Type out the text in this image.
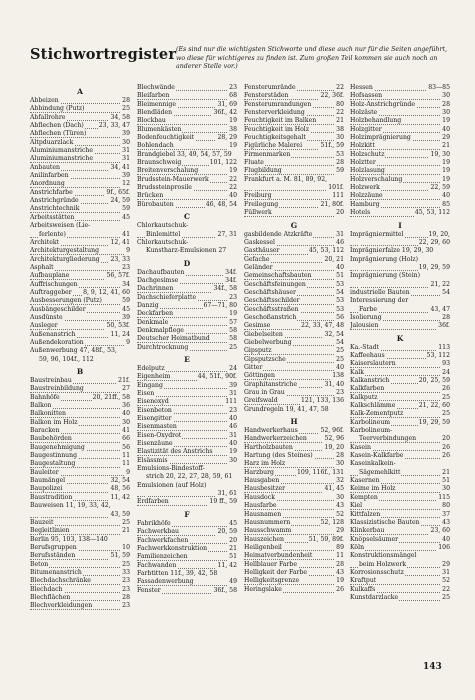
Stichwortregister (Es sind nur die wichtigsten Stichworte und diese auch nur für die Seiten angeführt, wo diese für wichtigeres zu finden ist. Zum großen Teil kommen sie auch noch an anderer Stelle vor.)
A
Abbeizen	28
Abbindung (Putz)	25
Abfallrohre	34, 58
Abflechen (Dach) 23, 33, 47
Abflechen (Türen)	39
Altpduarzlack	30
Aluminiumanstriche	31
Aluminiumanstriche	31
Anbauten	34, 41
Anilinfarben	39
Anordnung	12
Anstrichfarbe	9f., 65f.
Anstrichgründe	24, 59
Anstrichtechnik	59
Arbeitsstätten	45
Arbeitsweisen (Lie-
ferlente)	41
Architekt	12, 41
Architekturgestaltung	9
Architekturgliederung 23, 33
Asphalt	23
Aufbauplane	56, 57f.
Auffrischungen	34
Auftraggeber 8, 9, 12, 41, 60
Ausbesserungen (Putz)	59
Ausbängeschilder	45
Ausdünste	39
Ausleger	50, 53f.
Außenanstrich	11, 24
Außendekoration	9
Außenwerbung 47, 48f., 53,
59, 96, 104f., 112
B
Baustreinbau	21f.
Baustreinbildung	27
Bahnhöfe	20, 21ff., 58
Balkon	36
Balkonitten	40
Balkon im Holz	30
Baracken	41
Baubehörden	66
Baugenehmigung	56
Baugestinnung	11
Baugestaltung	11
Bauleiter	9
Baumängel	32, 54
Baupolizei	48, 56
Baustradition	11, 42
Bauweisen 11, 19, 33, 42,
43, 59
Bauzeit	25
Begleitlinien	21
Berlin 95, 103, 138—140
Berufsgruppen	10
Berufsständen	51, 59
Beton	25
Bitumenanstrich	33
Blechdachschränke	23
Blechdach	23
Blechflächen	28
Blechverkleidungen	23
Blechwände	23
Bleifarben	68
Bleimennige	31, 69
Blendläden	36f., 42
Blockbau	19
Blumenkästen	38
Bodenfeuchtigkeit	28, 29
Bohlendach	19
Brandgiebel 33, 49, 54, 57, 59
Braunschweig	101, 122
Breitenverschalung	19
Brudsstein-Mauerwerk	22
Brudssteinprosile	22
Brücken	40
Bürobauten	46, 48, 54
C
Chlorkautschuk-
Binlemittel	27, 31
Chlorkautschuk-
Kunstharz-Emulsionen 27
D
Dachaufbauten	34f.
Dachgesimse	34f.
Dachrinnen	34f., 58
Dachschieferplatte	23
Danzig	67—71, 80
Deckfarben	19
Denkmale	57
Denkmalpflege	58
Deutscher Heimatbund	58
Durchtrocknung	25
E
Edelputz	24
Eigenheim	44, 51f., 90f.
Eingang	39
Eisen	31
Eisenoxyd	111
Eisenbeton	23
Eisengitter	40
Eisenmasten	46
Eisen-Oxydrot	31
Eisenzäune	40
Elastizität des Anstrichs	19
Elsässmis	30
Emulsions-Bindestoff-
strich 20, 22, 27, 28, 59, 61
Emulsionen (auf Holz)
31, 61
Erdfarben	19 ff., 59
F
Fabrikhöfe	45
Fachwerkbau	20, 59
Fachwerkfachen	20
Fachwerkkonstruktion	21
Familienzeichen	51
Fachwanden	11, 42
Farbtitten 11f., 39, 42, 58
Fassadenwerbung	49
Fenster	36f., 58
Fensterumrände	22
Fensterstäden	22, 36f.
Fensterumrandungen	80
Fensterverkleidung	22
Feuchtigkeit im Balken	21
Feuchtigkeit im Holz	38
Feuchtigkeitsgehalt	30
Figürliche Malerei	51f., 59
Firmenmarken	53
Fluate	28
Flugbildung	59
Frankfurt a. M. 81, 89, 92,
101f.
Freiburg	111
Freilegung	21, 80f.
Füllwerk	20
G
gasbildende Ätzkräfte	31
Gaskessel	46
Gasthäuser	45, 53, 112
Gefache	20, 21
Geländer	40
Gemeinschaftsbauten	51
Geschäftsfeinungen	53
Geschäftshäuser	54
Geschäftsschilder	53
Geschäftsstraßen	53
Geschoßanstrich	56
Gesimse	22, 33, 47, 48
Giebelseiten	32, 54
Giebelwerbung	54
Gipsputz	25
Gipsputzsche	25
Gitter	40
Göttingen	138
Graphitanstriche	31, 40
Grau in Grau	23
Greifswald	121, 133, 136
Grundregeln 19, 41, 47, 58
H
Handwerkerhaus	52, 96f.
Handwerkerzeichen	52, 96
Hartholzbauten	19, 20
Hartung (des Steines)	28
Harz im Holz	30
Harzburg	109, 116f., 131
Hausgaben	32
Hausbesitzer	41, 45
Hausdock	30
Hausfarbe	43
Hausnamen	52
Hausnummern	52, 128
Hausschwamm	29
Hauszeichen	51, 59, 89f.
Heiligenbeil	89
Heimatverbundenheit	11
Hellblauer Farbe	28
Helligkeit der Farbe	43
Helligkeitsgrenze	19
Heringslake	26
Hessen	83—85
Hofsassen	30
Holz-Anstrichgründe	28
Holzäste	30
Holzbehandlung	19
Holzgitter	40
Holzimprägnierung	29
Holzkitt	21
Holzschutz	19, 30
Holztter	19
Holzlasung	19
Holzverschalung	19
Holzwerk	22, 59
Holzzäune	40
Hamburg	85
Hotels	45, 53, 112
I
Imprägniermittel	19, 20,
22, 29, 60
Imprägnierfalze 19, 29, 30
Imprägnierung (Holz)
19, 29, 59
Imprägnierung (Stein)
21, 22
industrielle Bauten	54
Interessierung der
Farbe	43, 47
Isolierung	28
Jalousien	36f.
K
Ka.-Stadt	113
Kaffeehaus	53, 112
Kaiserslautern	93
Kalk	24
Kalkanstrich	20, 25, 59
Kalkfarben	26
Kalkputz	25
Kalkschlämme	21, 22, 60
Kalk-Zementputz	25
Karbolineum	19, 29, 59
Karbolineum-
Teerverbindungen	20
Kasein	26
Kasein-Kalkfarbe	26
Kaseinkalkein-
Sägemehlkitt	21
Kasernen	51
Keime im Holz	30
Kempten	115
Kiel	80
Kittfalzen	37
Klassizistische Bauten	43
Klinkerbau	23, 60
Knöpselsäumer	40
Köln	106
Konstruktionsmängel
beim Holzwerk	29
Korrosionsschutz	31
Kraftput	52
Kulkaffs	22
Kunstdarzlacke	25
143
